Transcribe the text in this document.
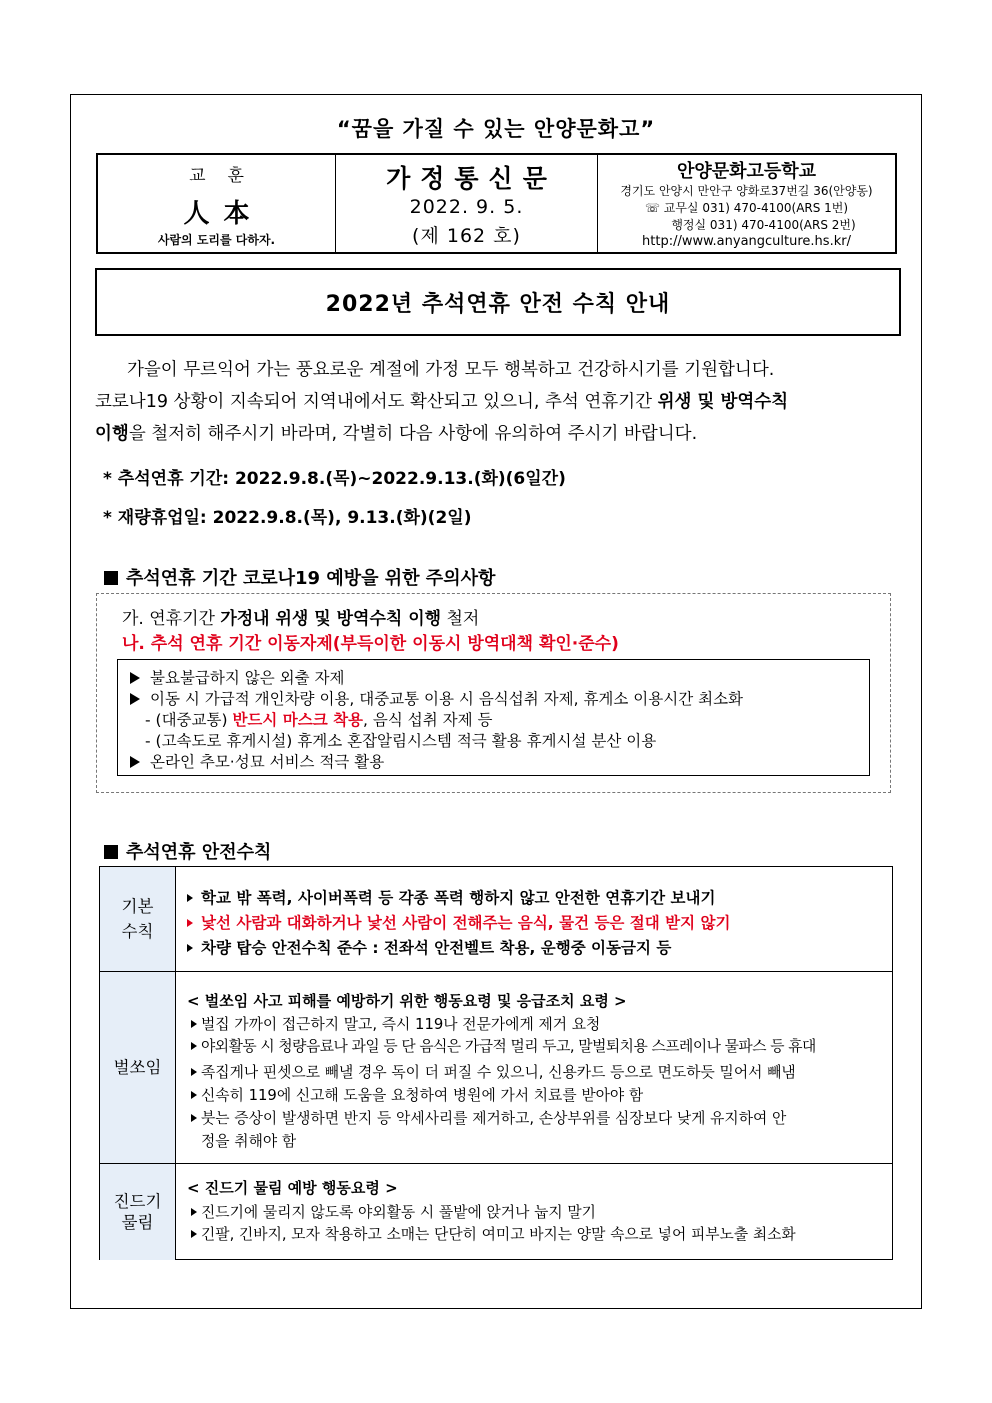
“꿈을 가질 수 있는 안양문화고”
교훈
人本
사람의 도리를 다하자.
가정통신문
2022. 9. 5.
(제 162 호)
안양문화고등학교
경기도 안양시 만안구 양화로37번길 36(안양동)
☏ 교무실 031) 470-4100(ARS 1번)
행정실 031) 470-4100(ARS 2번)
http://www.anyangculture.hs.kr/
2022년 추석연휴 안전 수칙 안내
가을이 무르익어 가는 풍요로운 계절에 가정 모두 행복하고 건강하시기를 기원합니다.
코로나19 상황이 지속되어 지역내에서도 확산되고 있으니, 추석 연휴기간 위생 및 방역수칙
이행을 철저히 해주시기 바라며, 각별히 다음 사항에 유의하여 주시기 바랍니다.
* 추석연휴 기간: 2022.9.8.(목)~2022.9.13.(화)(6일간)
* 재량휴업일: 2022.9.8.(목), 9.13.(화)(2일)
추석연휴 기간 코로나19 예방을 위한 주의사항
가. 연휴기간 가정내 위생 및 방역수칙 이행 철저
나. 추석 연휴 기간 이동자제(부득이한 이동시 방역대책 확인·준수)
불요불급하지 않은 외출 자제
이동 시 가급적 개인차량 이용, 대중교통 이용 시 음식섭취 자제, 휴게소 이용시간 최소화
- (대중교통) 반드시 마스크 착용, 음식 섭취 자제 등
- (고속도로 휴게시설) 휴게소 혼잡알림시스템 적극 활용 휴게시설 분산 이용
온라인 추모·성묘 서비스 적극 활용
추석연휴 안전수칙
기본
수칙
학교 밖 폭력, 사이버폭력 등 각종 폭력 행하지 않고 안전한 연휴기간 보내기
낯선 사람과 대화하거나 낯선 사람이 전해주는 음식, 물건 등은 절대 받지 않기
차량 탑승 안전수칙 준수 : 전좌석 안전벨트 착용, 운행중 이동금지 등
벌쏘임
< 벌쏘임 사고 피해를 예방하기 위한 행동요령 및 응급조치 요령 >
벌집 가까이 접근하지 말고, 즉시 119나 전문가에게 제거 요청
야외활동 시 청량음료나 과일 등 단 음식은 가급적 멀리 두고, 말벌퇴치용 스프레이나 물파스 등 휴대
족집게나 핀셋으로 빼낼 경우 독이 더 퍼질 수 있으니, 신용카드 등으로 면도하듯 밀어서 빼냄
신속히 119에 신고해 도움을 요청하여 병원에 가서 치료를 받아야 함
붓는 증상이 발생하면 반지 등 악세사리를 제거하고, 손상부위를 심장보다 낮게 유지하여 안
정을 취해야 함
진드기
물림
< 진드기 물림 예방 행동요령 >
진드기에 물리지 않도록 야외활동 시 풀밭에 앉거나 눕지 말기
긴팔, 긴바지, 모자 착용하고 소매는 단단히 여미고 바지는 양말 속으로 넣어 피부노출 최소화
